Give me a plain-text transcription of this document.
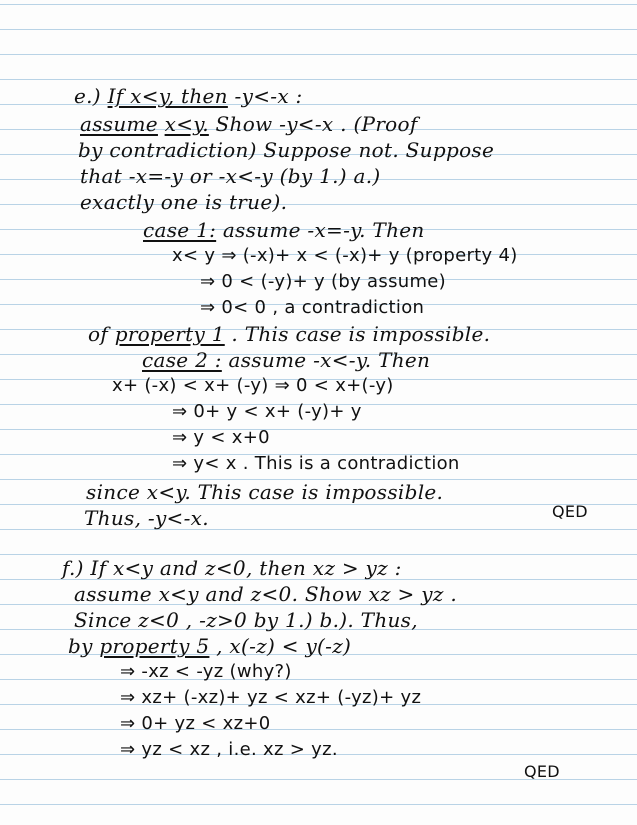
e.) If x<y, then -y<-x :
assume x<y. Show -y<-x . (Proof
by contradiction) Suppose not. Suppose
that -x=-y or -x<-y (by 1.) a.)
exactly one is true).
case 1: assume -x=-y. Then
x< y ⇒ (-x)+ x < (-x)+ y (property 4)
⇒ 0 < (-y)+ y (by assume)
⇒ 0< 0 , a contradiction
of property 1 . This case is impossible.
case 2 : assume -x<-y. Then
x+ (-x) < x+ (-y) ⇒ 0 < x+(-y)
⇒ 0+ y < x+ (-y)+ y
⇒ y < x+0
⇒ y< x . This is a contradiction
since x<y. This case is impossible.
Thus, -y<-x.	QED
f.) If x<y and z<0, then xz > yz :
assume x<y and z<0. Show xz > yz .
Since z<0 , -z>0 by 1.) b.). Thus,
by property 5 , x(-z) < y(-z)
⇒ -xz < -yz (why?)
⇒ xz+ (-xz)+ yz < xz+ (-yz)+ yz
⇒ 0+ yz < xz+0
⇒ yz < xz , i.e. xz > yz.
QED
